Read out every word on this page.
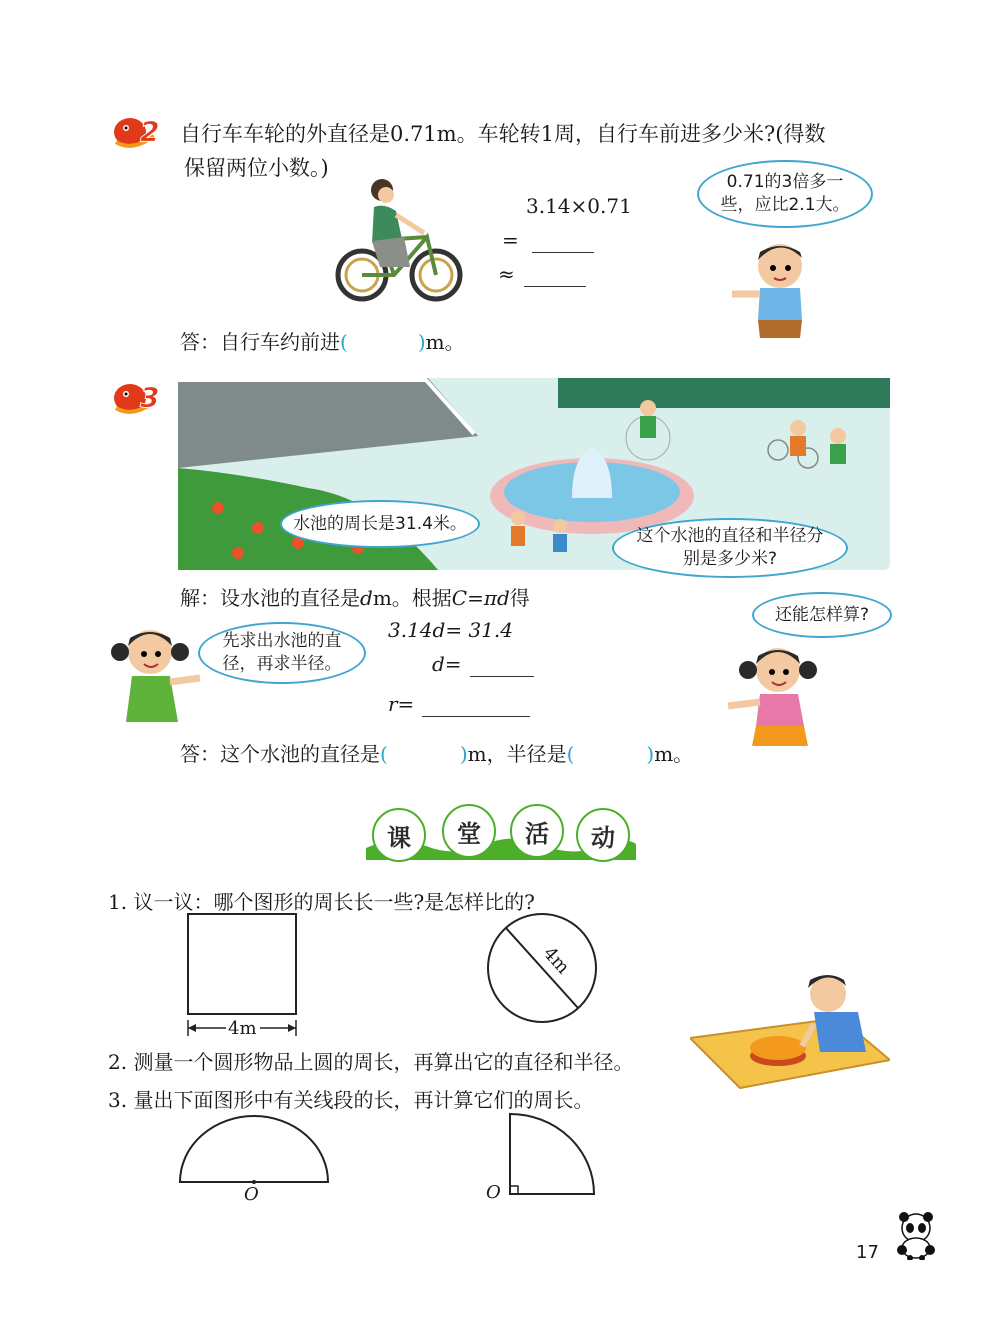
2 自行车车轮的外直径是0.71m。车轮转1周，自行车前进多少米?(得数
保留两位小数。)
3.14×0.71
=
≈
0.71的3倍多一些，应比2.1大。
答：自行车约前进(	)m。
3
水池的周长是31.4米。
这个水池的直径和半径分别是多少米?
解：设水池的直径是dm。根据C=πd得
3.14d= 31.4
d=
r=
先求出水池的直径，再求半径。
还能怎样算?
答：这个水池的直径是(	)m，半径是(	)m。
课	堂	活	动
1. 议一议：哪个图形的周长长一些?是怎样比的?
4m
4m
2. 测量一个圆形物品上圆的周长，再算出它的直径和半径。
3. 量出下面图形中有关线段的长，再计算它们的周长。
O	O
17
